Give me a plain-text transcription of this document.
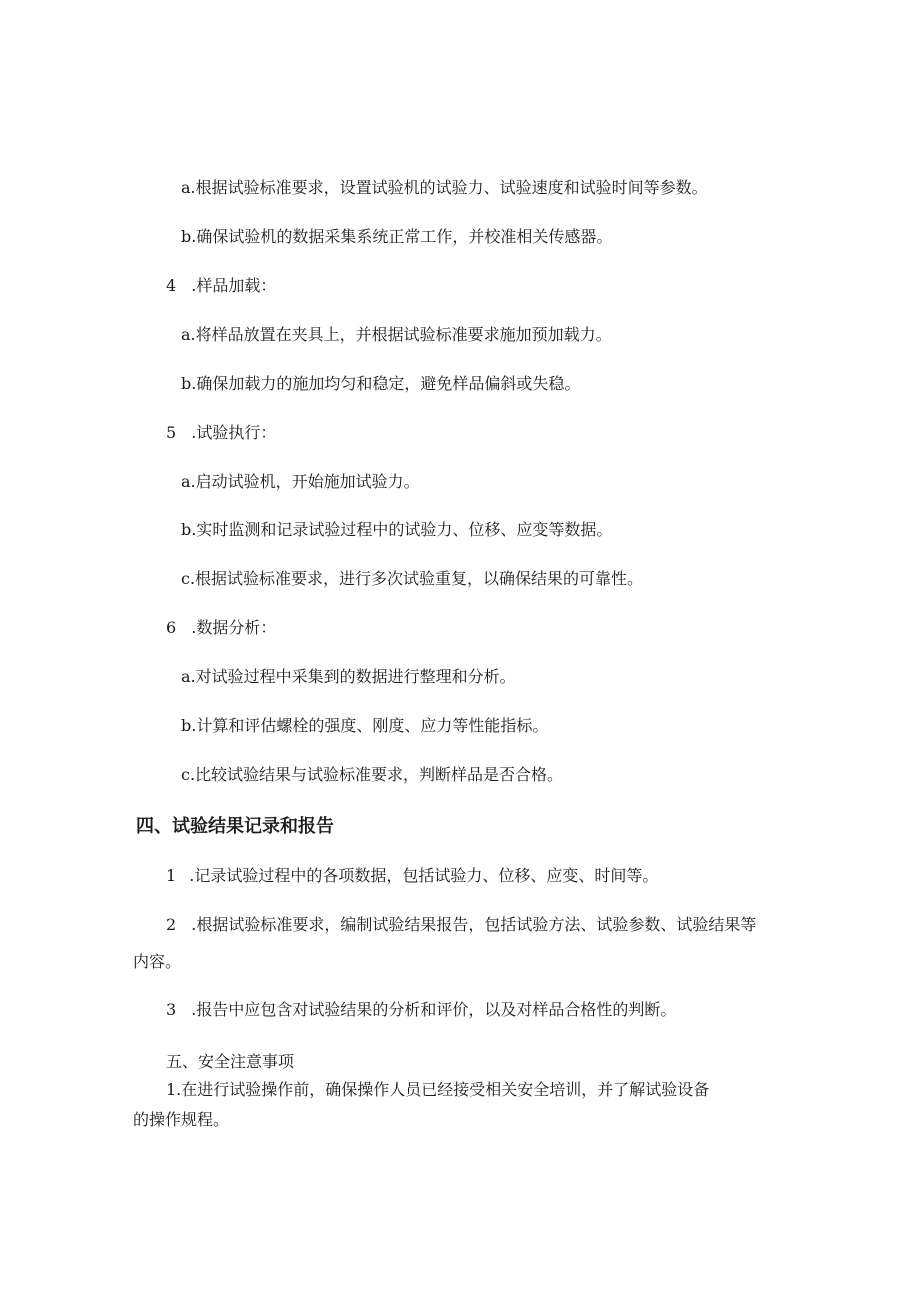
a.根据试验标准要求，设置试验机的试验力、试验速度和试验时间等参数。
b.确保试验机的数据采集系统正常工作，并校准相关传感器。
4 .样品加载：
a.将样品放置在夹具上，并根据试验标准要求施加预加载力。
b.确保加载力的施加均匀和稳定，避免样品偏斜或失稳。
5 .试验执行：
a.启动试验机，开始施加试验力。
b.实时监测和记录试验过程中的试验力、位移、应变等数据。
c.根据试验标准要求，进行多次试验重复，以确保结果的可靠性。
6 .数据分析：
a.对试验过程中采集到的数据进行整理和分析。
b.计算和评估螺栓的强度、刚度、应力等性能指标。
c.比较试验结果与试验标准要求，判断样品是否合格。
四、试验结果记录和报告
1 .记录试验过程中的各项数据，包括试验力、位移、应变、时间等。
2 .根据试验标准要求，编制试验结果报告，包括试验方法、试验参数、试验结果等
内容。
3 .报告中应包含对试验结果的分析和评价，以及对样品合格性的判断。
五、安全注意事项
1.在进行试验操作前，确保操作人员已经接受相关安全培训，并了解试验设备
的操作规程。
